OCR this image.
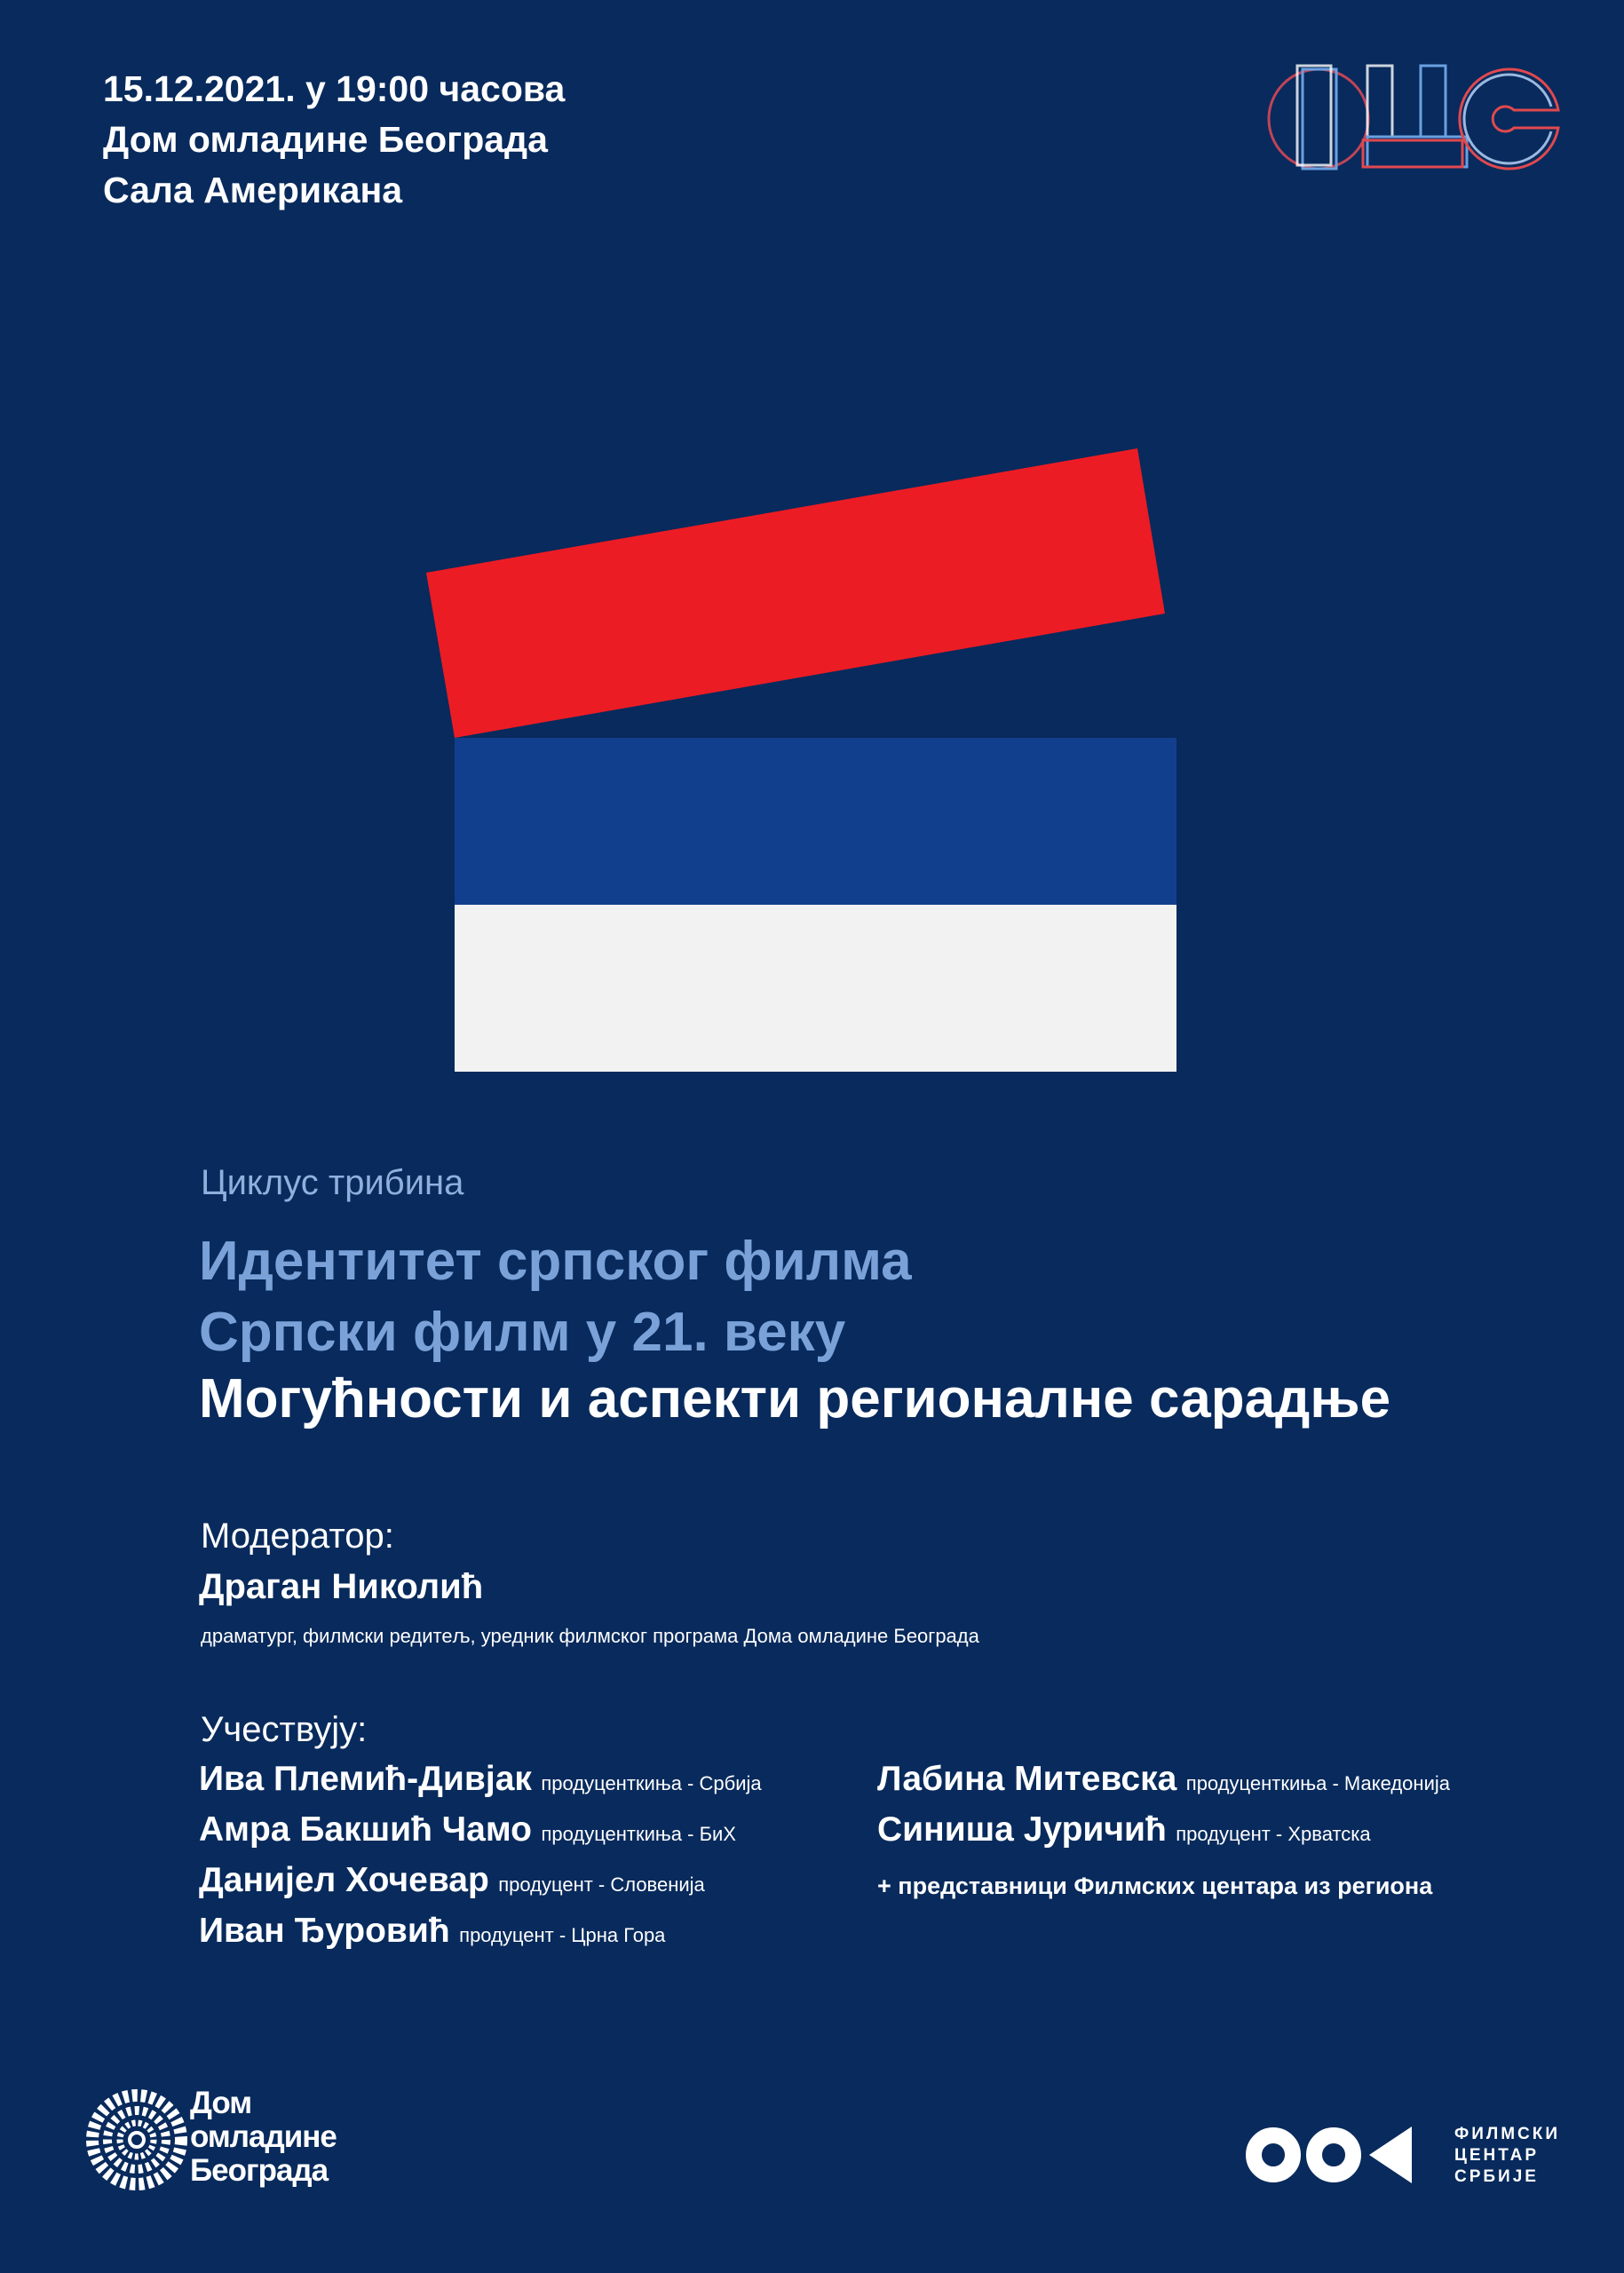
15.12.2021. у 19:00 часова
Дом омладине Београда
Сала Американа
Циклус трибина
Идентитет српског филма
Српски филм у 21. веку
Могућности и аспекти регионалне сарадње
Модератор:
Драган Николић
драматург, филмски редитељ, уредник филмског програма Дома омладине Београда
Учествују:
Ива Племић-Дивјак продуценткиња - Србија
Амра Бакшић Чамо продуценткиња - БиХ
Данијел Хочевар продуцент - Словенија
Иван Ђуровић продуцент - Црна Гора
Лабина Митевска продуценткиња - Македонија
Синиша Јуричић продуцент - Хрватска
+ представници Филмских центара из региона
Дом
омладине
Београда
ФИЛМСКИ
ЦЕНТАР
СРБИЈЕ
